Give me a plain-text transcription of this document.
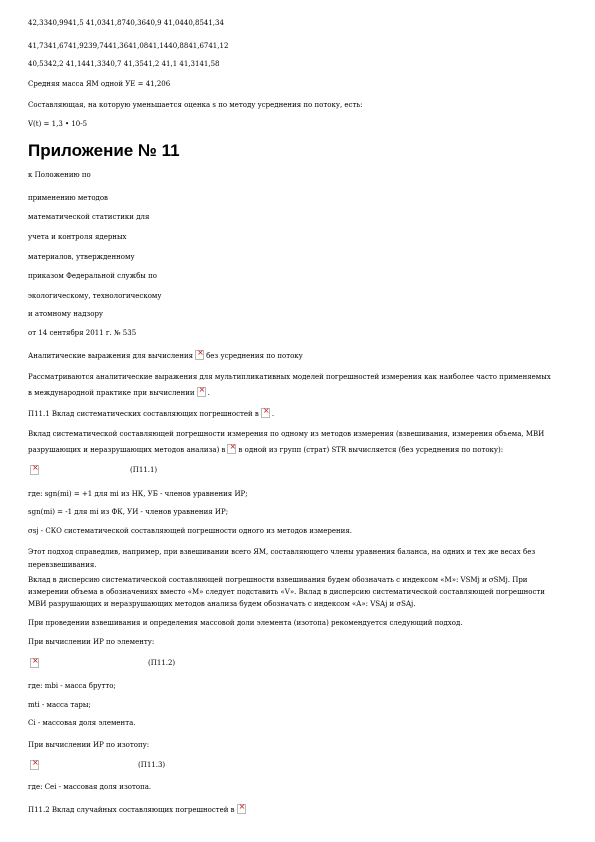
42,3340,9941,5 41,0341,8740,3640,9 41,0440,8541,34
41,7341,6741,9239,7441,3641,0841,1440,8841,6741,12
40,5342,2 41,1441,3340,7 41,3541,2 41,1 41,3141,58
Средняя масса ЯМ одной УЕ = 41,206
Составляющая, на которую уменьшается оценка s по методу усреднения по потоку, есть:
V(t) = 1,3 • 10-5
Приложение № 11
к Положению по
применению методов
математической статистики для
учета и контроля ядерных
материалов, утвержденному
приказом Федеральной службы по
экологическому, технологическому
и атомному надзору
от 14 сентября 2011 г. № 535
Аналитические выражения для вычисления × без усреднения по потоку
Рассматриваются аналитические выражения для мультипликативных моделей погрешностей измерения как наиболее часто применяемых
в международной практике при вычислении × .
П11.1 Вклад систематических составляющих погрешностей в × .
Вклад систематической составляющей погрешности измерения по одному из методов измерения (взвешивания, измерения объема, МВИ
разрушающих и неразрушающих методов анализа) в × в одной из групп (страт) STR вычисляется (без усреднения по потоку):
×
(П11.1)
где: sgn(mi) = +1 для mi из НК, УБ - членов уравнения ИР;
sgn(mi) = -1 для mi из ФК, УИ - членов уравнения ИР;
σsj - СКО систематической составляющей погрешности одного из методов измерения.
Этот подход справедлив, например, при взвешивании всего ЯМ, составляющего члены уравнения баланса, на одних и тех же весах без
перевзвешивания.
Вклад в дисперсию систематической составляющей погрешности взвешивания будем обозначать с индексом «M»: VSMj и σSMj. При
измерении объема в обозначениях вместо «M» следует подставить «V». Вклад в дисперсию систематической составляющей погрешности
МВИ разрушающих и неразрушающих методов анализа будем обозначать с индексом «A»: VSAj и σSAj.
При проведении взвешивания и определения массовой доли элемента (изотопа) рекомендуется следующий подход.
При вычислении ИР по элементу:
×
(П11.2)
где: mbi - масса брутто;
mti - масса тары;
Ci - массовая доля элемента.
При вычислении ИР по изотопу:
×
(П11.3)
где: Cei - массовая доля изотопа.
П11.2 Вклад случайных составляющих погрешностей в×
